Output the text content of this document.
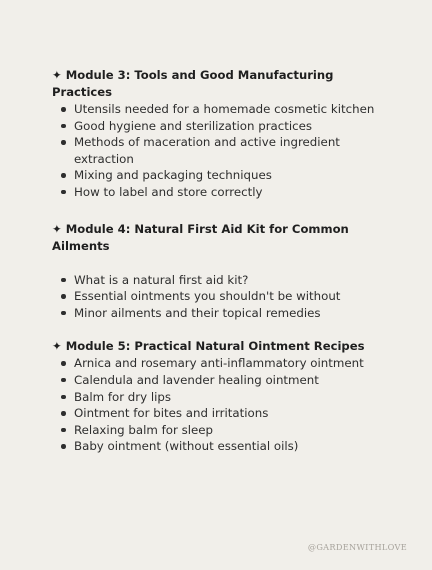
✦ Module 3: Tools and Good Manufacturing Practices

Utensils needed for a homemade cosmetic kitchen
Good hygiene and sterilization practices
Methods of maceration and active ingredient extraction
Mixing and packaging techniques
How to label and store correctly

✦ Module 4: Natural First Aid Kit for Common Ailments

What is a natural first aid kit?
Essential ointments you shouldn't be without
Minor ailments and their topical remedies

✦ Module 5: Practical Natural Ointment Recipes

Arnica and rosemary anti-inflammatory ointment
Calendula and lavender healing ointment
Balm for dry lips
Ointment for bites and irritations
Relaxing balm for sleep
Baby ointment (without essential oils)
@GARDENWITHLOVE
